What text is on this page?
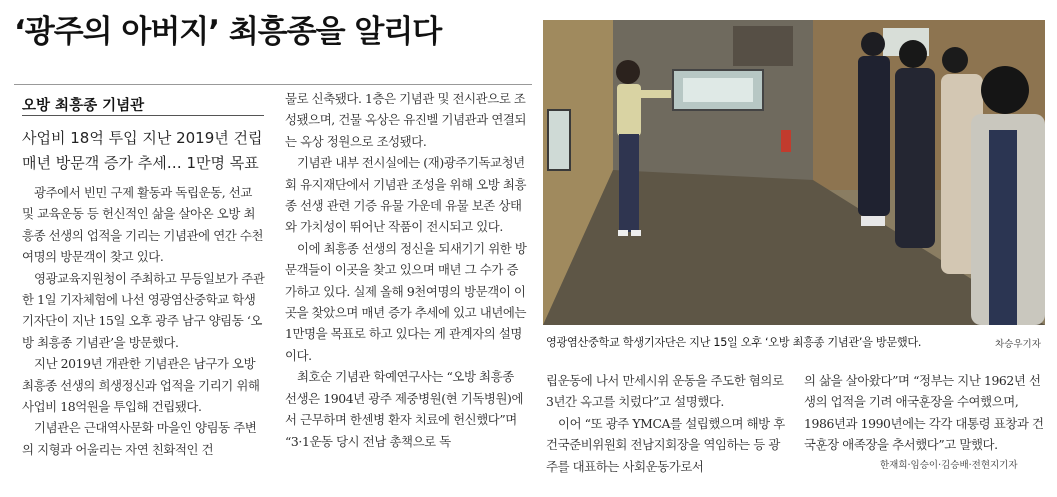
‘광주의 아버지’ 최흥종을 알리다
오방 최흥종 기념관
사업비 18억 투입 지난 2019년 건립
매년 방문객 증가 추세… 1만명 목표

광주에서 빈민 구제 활동과 독립운동, 선교 및 교육운동 등 헌신적인 삶을 살아온 오방 최흥종 선생의 업적을 기리는 기념관에 연간 수천여명의 방문객이 찾고 있다.

영광교육지원청이 주최하고 무등일보가 주관한 1일 기자체험에 나선 영광염산중학교 학생기자단이 지난 15일 오후 광주 남구 양림동 ‘오방 최흥종 기념관’을 방문했다.

지난 2019년 개관한 기념관은 남구가 오방 최흥종 선생의 희생정신과 업적을 기리기 위해 사업비 18억원을 투입해 건립됐다.

기념관은 근대역사문화 마을인 양림동 주변의 지형과 어울리는 자연 친화적인 건

물로 신축됐다. 1층은 기념관 및 전시관으로 조성됐으며, 건물 옥상은 유진벨 기념관과 연결되는 옥상 정원으로 조성됐다.

기념관 내부 전시실에는 (재)광주기독교청년회 유지재단에서 기념관 조성을 위해 오방 최흥종 선생 관련 기증 유물 가운데 유물 보존 상태와 가치성이 뛰어난 작품이 전시되고 있다.

이에 최흥종 선생의 정신을 되새기기 위한 방문객들이 이곳을 찾고 있으며 매년 그 수가 증가하고 있다. 실제 올해 9천여명의 방문객이 이곳을 찾았으며 매년 증가 추세에 있고 내년에는 1만명을 목표로 하고 있다는 게 관계자의 설명이다.

최호순 기념관 학예연구사는 “오방 최흥종 선생은 1904년 광주 제중병원(현 기독병원)에서 근무하며 한센병 환자 치료에 헌신했다”며 “3·1운동 당시 전남 총책으로 독

영광염산중학교 학생기자단은 지난 15일 오후 ‘오방 최흥종 기념관’을 방문했다.	차승우기자

립운동에 나서 만세시위 운동을 주도한 혐의로 3년간 옥고를 치렀다”고 설명했다.

이어 “또 광주 YMCA를 설립했으며 해방 후 건국준비위원회 전남지회장을 역임하는 등 광주를 대표하는 사회운동가로서

의 삶을 살아왔다”며 “정부는 지난 1962년 선생의 업적을 기려 애국훈장을 수여했으며, 1986년과 1990년에는 각각 대통령 표창과 건국훈장 애족장을 추서했다”고 말했다.

한재희·임승이·김승배·전현지기자
